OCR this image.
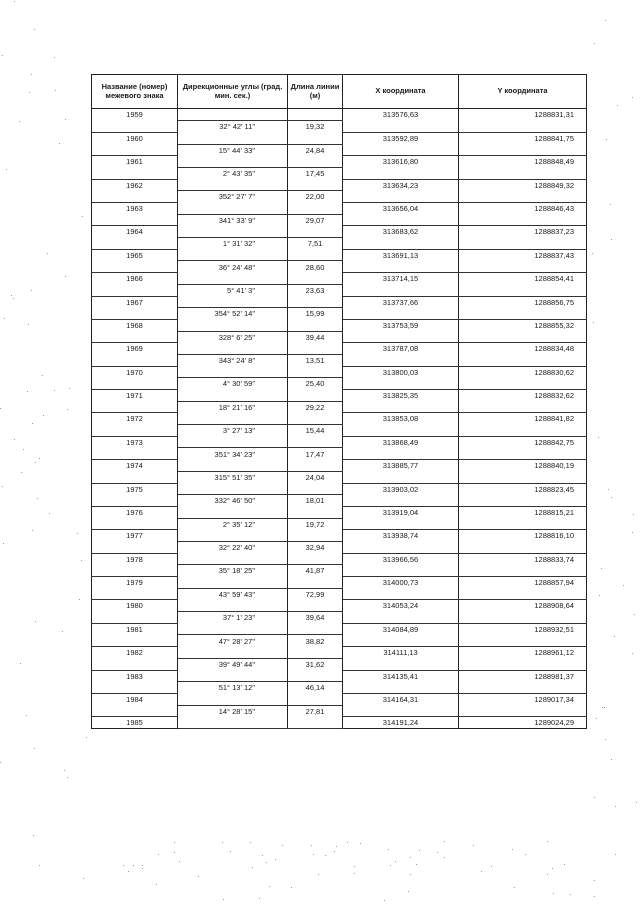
Название (номер) межевого знака	Дирекционные углы (град. мин. сек.)	Длина линии (м)	X координата	Y координата
1959			313576,63	1288831,31
	32° 42' 11"	19,32		
1960			313592,89	1288841,75
	15° 44' 33"	24,84		
1961			313616,80	1288848,49
	2° 43' 35"	17,45		
1962			313634,23	1288849,32
	352° 27' 7"	22,00		
1963			313656,04	1288846,43
	341° 33' 9"	29,07		
1964			313683,62	1288837,23
	1° 31' 32"	7,51		
1965			313691,13	1288837,43
	36° 24' 48"	28,60		
1966			313714,15	1288854,41
	5° 41' 3"	23,63		
1967			313737,66	1288856,75
	354° 52' 14"	15,99		
1968			313753,59	1288855,32
	328° 6' 25"	39,44		
1969			313787,08	1288834,48
	343° 24' 8"	13,51		
1970			313800,03	1288830,62
	4° 30' 59"	25,40		
1971			313825,35	1288832,62
	18° 21' 16"	29,22		
1972			313853,08	1288841,82
	3° 27' 13"	15,44		
1973			313868,49	1288842,75
	351° 34' 23"	17,47		
1974			313885,77	1288840,19
	315° 51' 35"	24,04		
1975			313903,02	1288823,45
	332° 46' 50"	18,01		
1976			313919,04	1288815,21
	2° 35' 12"	19,72		
1977			313938,74	1288816,10
	32° 22' 40"	32,94		
1978			313966,56	1288833,74
	35° 18' 25"	41,87		
1979			314000,73	1288857,94
	43° 59' 43"	72,99		
1980			314053,24	1288908,64
	37° 1' 23"	39,64		
1981			314084,89	1288932,51
	47° 28' 27"	38,82		
1982			314111,13	1288961,12
	39° 49' 44"	31,62		
1983			314135,41	1288981,37
	51° 13' 12"	46,14		
1984			314164,31	1289017,34
	14° 28' 15"	27,81		
1985			314191,24	1289024,29
